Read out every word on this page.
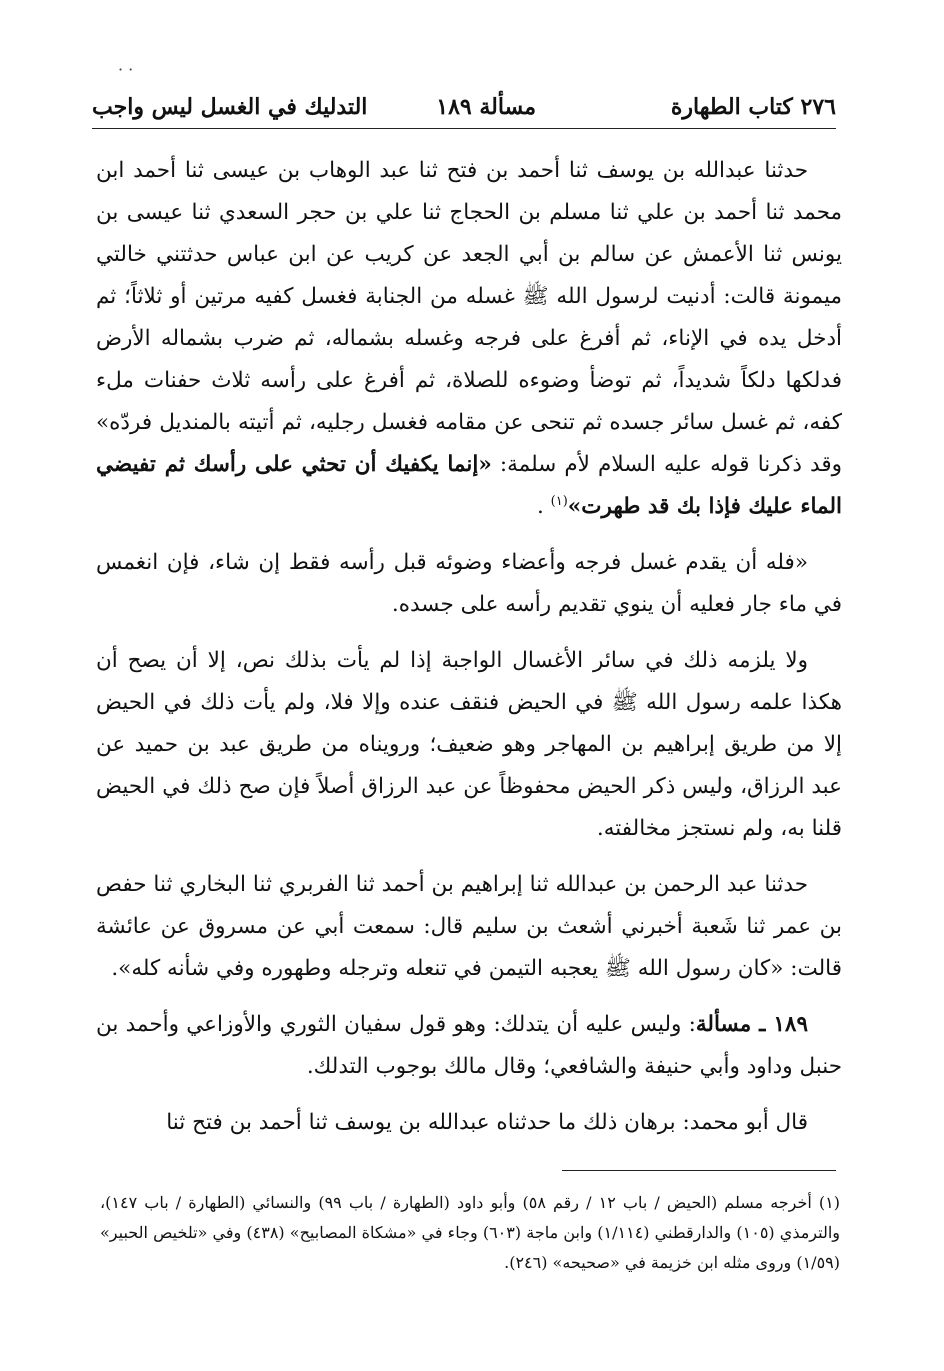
· ·
٢٧٦ كتاب الطهارة
مسألة ١٨٩
التدليك في الغسل ليس واجب

حدثنا عبدالله بن يوسف ثنا أحمد بن فتح ثنا عبد الوهاب بن عيسى ثنا أحمد ابن محمد ثنا أحمد بن علي ثنا مسلم بن الحجاج ثنا علي بن حجر السعدي ثنا عيسى بن يونس ثنا الأعمش عن سالم بن أبي الجعد عن كريب عن ابن عباس حدثتني خالتي ميمونة قالت: أدنيت لرسول الله ﷺ غسله من الجنابة فغسل كفيه مرتين أو ثلاثاً؛ ثم أدخل يده في الإناء، ثم أفرغ على فرجه وغسله بشماله، ثم ضرب بشماله الأرض فدلكها دلكاً شديداً، ثم توضأ وضوءه للصلاة، ثم أفرغ على رأسه ثلاث حفنات ملء كفه، ثم غسل سائر جسده ثم تنحى عن مقامه فغسل رجليه، ثم أتيته بالمنديل فردّه» وقد ذكرنا قوله عليه السلام لأم سلمة: «إنما يكفيك أن تحثي على رأسك ثم تفيضي الماء عليك فإذا بك قد طهرت»$^{(١)}$ .

«فله أن يقدم غسل فرجه وأعضاء وضوئه قبل رأسه فقط إن شاء، فإن انغمس في ماء جار فعليه أن ينوي تقديم رأسه على جسده.

ولا يلزمه ذلك في سائر الأغسال الواجبة إذا لم يأت بذلك نص، إلا أن يصح أن هكذا علمه رسول الله ﷺ في الحيض فنقف عنده وإلا فلا، ولم يأت ذلك في الحيض إلا من طريق إبراهيم بن المهاجر وهو ضعيف؛ ورويناه من طريق عبد بن حميد عن عبد الرزاق، وليس ذكر الحيض محفوظاً عن عبد الرزاق أصلاً فإن صح ذلك في الحيض قلنا به، ولم نستجز مخالفته.

حدثنا عبد الرحمن بن عبدالله ثنا إبراهيم بن أحمد ثنا الفربري ثنا البخاري ثنا حفص بن عمر ثنا شَعبة أخبرني أشعث بن سليم قال: سمعت أبي عن مسروق عن عائشة قالت: «كان رسول الله ﷺ يعجبه التيمن في تنعله وترجله وطهوره وفي شأنه كله».

١٨٩ ـ مسألة: وليس عليه أن يتدلك: وهو قول سفيان الثوري والأوزاعي وأحمد بن حنبل وداود وأبي حنيفة والشافعي؛ وقال مالك بوجوب التدلك.

قال أبو محمد: برهان ذلك ما حدثناه عبدالله بن يوسف ثنا أحمد بن فتح ثنا

(١) أخرجه مسلم (الحيض / باب ١٢ / رقم ٥٨) وأبو داود (الطهارة / باب ٩٩) والنسائي (الطهارة / باب ١٤٧)، والترمذي (١٠٥) والدارقطني (١/١١٤) وابن ماجة (٦٠٣) وجاء في «مشكاة المصابيح» (٤٣٨) وفي «تلخيص الحبير» (١/٥٩) وروى مثله ابن خزيمة في «صحيحه» (٢٤٦).
